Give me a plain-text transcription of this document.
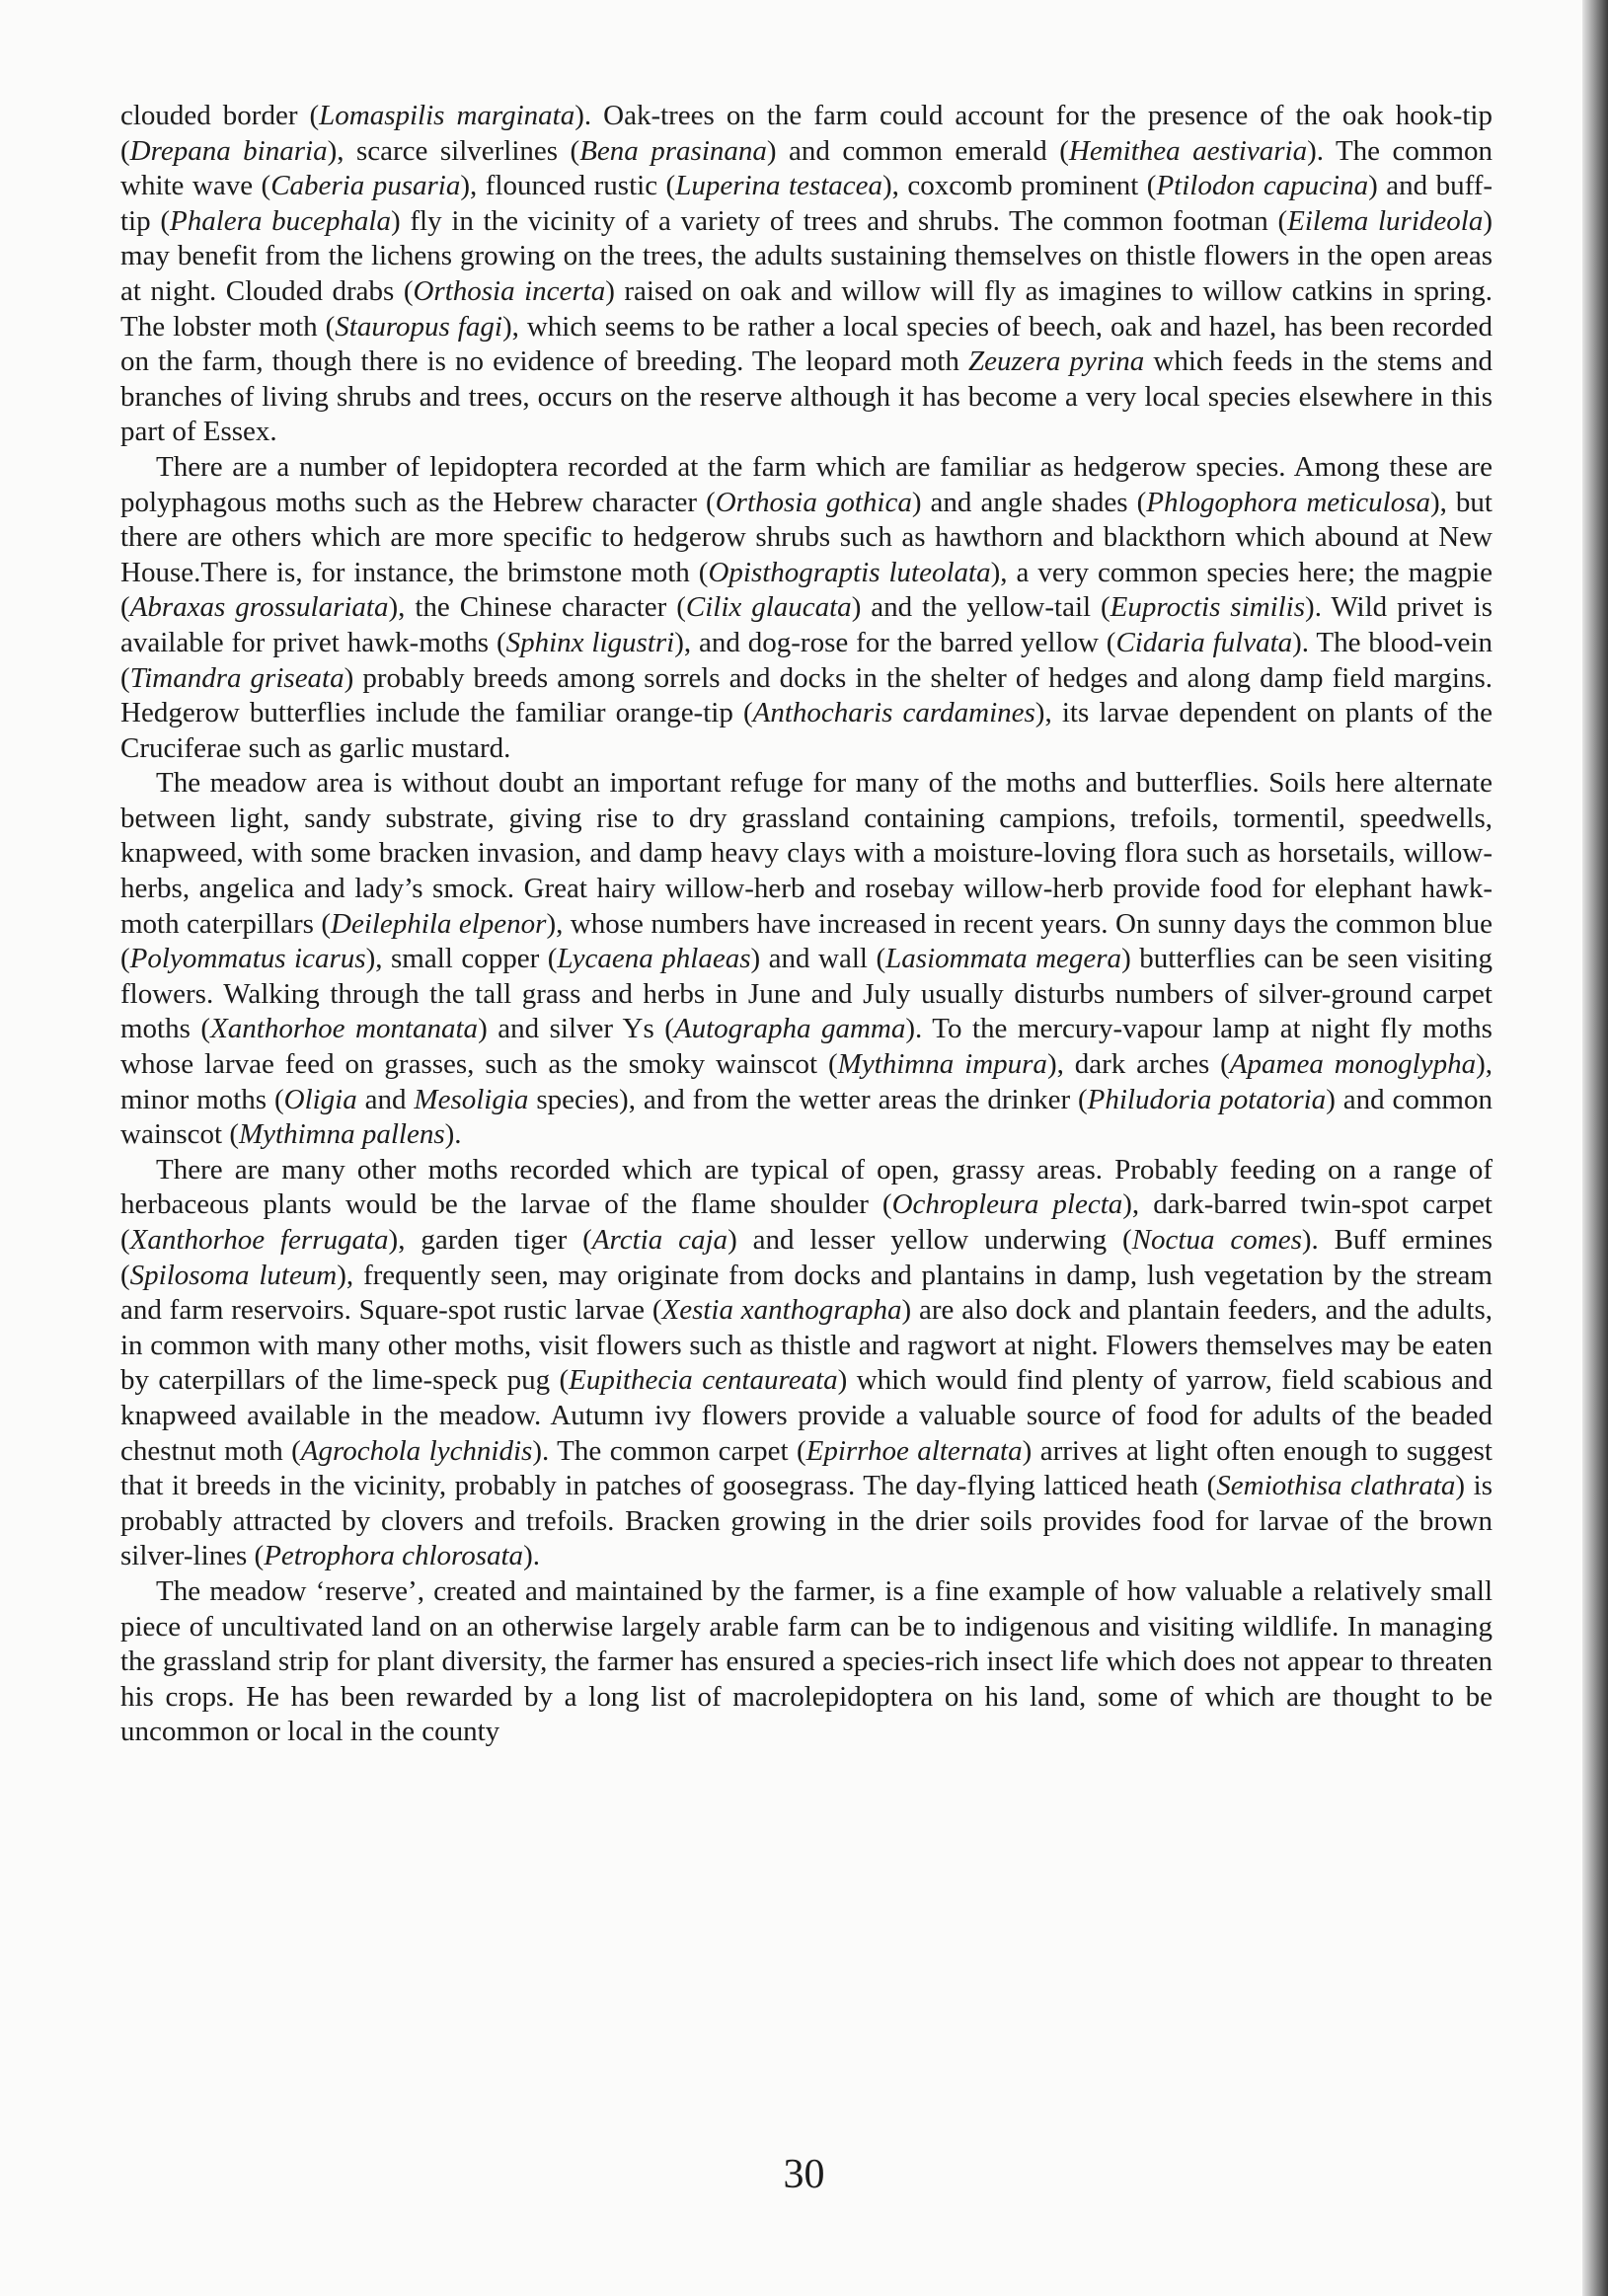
clouded border (Lomaspilis marginata). Oak-trees on the farm could account for the presence of the oak hook-tip (Drepana binaria), scarce silverlines (Bena prasinana) and common emerald (Hemithea aestivaria). The common white wave (Caberia pusaria), flounced rustic (Luperina testacea), coxcomb prominent (Ptilodon capucina) and buff-tip (Phalera bucephala) fly in the vicinity of a variety of trees and shrubs. The common footman (Eilema lurideola) may benefit from the lichens growing on the trees, the adults sustaining themselves on thistle flowers in the open areas at night. Clouded drabs (Orthosia incerta) raised on oak and willow will fly as imagines to willow catkins in spring. The lobster moth (Stauropus fagi), which seems to be rather a local species of beech, oak and hazel, has been recorded on the farm, though there is no evidence of breeding. The leopard moth Zeuzera pyrina which feeds in the stems and branches of living shrubs and trees, occurs on the reserve although it has become a very local species elsewhere in this part of Essex.

There are a number of lepidoptera recorded at the farm which are familiar as hedgerow species. Among these are polyphagous moths such as the Hebrew character (Orthosia gothica) and angle shades (Phlogophora meticulosa), but there are others which are more specific to hedgerow shrubs such as hawthorn and blackthorn which abound at New House.There is, for instance, the brimstone moth (Opisthograptis luteolata), a very common species here; the magpie (Abraxas grossulariata), the Chinese character (Cilix glaucata) and the yellow-tail (Euproctis similis). Wild privet is available for privet hawk-moths (Sphinx ligustri), and dog-rose for the barred yellow (Cidaria fulvata). The blood-vein (Timandra griseata) probably breeds among sorrels and docks in the shelter of hedges and along damp field margins. Hedgerow butterflies include the familiar orange-tip (Anthocharis cardamines), its larvae dependent on plants of the Cruciferae such as garlic mustard.

The meadow area is without doubt an important refuge for many of the moths and butterflies. Soils here alternate between light, sandy substrate, giving rise to dry grassland containing campions, trefoils, tormentil, speedwells, knapweed, with some bracken invasion, and damp heavy clays with a moisture-loving flora such as horsetails, willow-herbs, angelica and lady’s smock. Great hairy willow-herb and rosebay willow-herb provide food for elephant hawk-moth caterpillars (Deilephila elpenor), whose numbers have increased in recent years. On sunny days the common blue (Polyommatus icarus), small copper (Lycaena phlaeas) and wall (Lasiommata megera) butterflies can be seen visiting flowers. Walking through the tall grass and herbs in June and July usually disturbs numbers of silver-ground carpet moths (Xanthorhoe montanata) and silver Ys (Autographa gamma). To the mercury-vapour lamp at night fly moths whose larvae feed on grasses, such as the smoky wainscot (Mythimna impura), dark arches (Apamea monoglypha), minor moths (Oligia and Mesoligia species), and from the wetter areas the drinker (Philudoria potatoria) and common wainscot (Mythimna pallens).

There are many other moths recorded which are typical of open, grassy areas. Probably feeding on a range of herbaceous plants would be the larvae of the flame shoulder (Ochropleura plecta), dark-barred twin-spot carpet (Xanthorhoe ferrugata), garden tiger (Arctia caja) and lesser yellow underwing (Noctua comes). Buff ermines (Spilosoma luteum), frequently seen, may originate from docks and plantains in damp, lush vegetation by the stream and farm reservoirs. Square-spot rustic larvae (Xestia xanthographa) are also dock and plantain feeders, and the adults, in common with many other moths, visit flowers such as thistle and ragwort at night. Flowers themselves may be eaten by caterpillars of the lime-speck pug (Eupithecia centaureata) which would find plenty of yarrow, field scabious and knapweed available in the meadow. Autumn ivy flowers provide a valuable source of food for adults of the beaded chestnut moth (Agrochola lychnidis). The common carpet (Epirrhoe alternata) arrives at light often enough to suggest that it breeds in the vicinity, probably in patches of goosegrass. The day-flying latticed heath (Semiothisa clathrata) is probably attracted by clovers and trefoils. Bracken growing in the drier soils provides food for larvae of the brown silver-lines (Petrophora chlorosata).

The meadow ‘reserve’, created and maintained by the farmer, is a fine example of how valuable a relatively small piece of uncultivated land on an otherwise largely arable farm can be to indigenous and visiting wildlife. In managing the grassland strip for plant diversity, the farmer has ensured a species-rich insect life which does not appear to threaten his crops. He has been rewarded by a long list of macrolepidoptera on his land, some of which are thought to be uncommon or local in the county

30
